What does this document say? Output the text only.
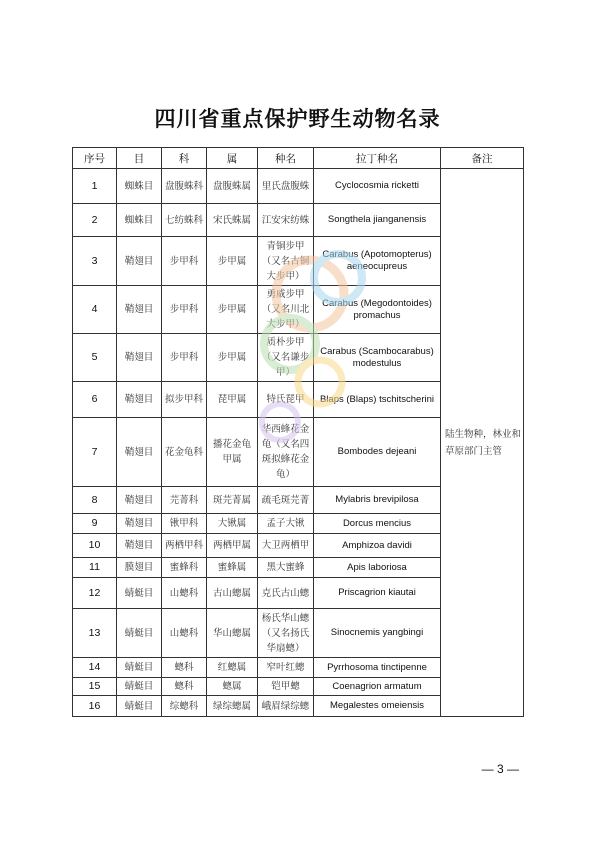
四川省重点保护野生动物名录
序号	目	科	属	种名	拉丁种名	备注
1	蜘蛛目	盘腹蛛科	盘腹蛛属	里氏盘腹蛛	Cyclocosmia ricketti	陆生物种，林业和草原部门主管
2	蜘蛛目	七纺蛛科	宋氏蛛属	江安宋纺蛛	Songthela jianganensis	
3	鞘翅目	步甲科	步甲属	青铜步甲（又名古铜大步甲）	Carabus (Apotomopterus) aeneocupreus	
4	鞘翅目	步甲科	步甲属	勇威步甲（又名川北大步甲）	Carabus (Megodontoides) promachus	
5	鞘翅目	步甲科	步甲属	质朴步甲（又名谦步甲）	Carabus (Scambocarabus) modestulus	
6	鞘翅目	拟步甲科	琵甲属	特氏琵甲	Blaps (Blaps) tschitscherini	
7	鞘翅目	花金龟科	播花金龟甲属	华西蜂花金龟（又名四斑拟蜂花金龟）	Bombodes dejeani	
8	鞘翅目	芫菁科	斑芫菁属	疏毛斑芫菁	Mylabris brevipilosa	
9	鞘翅目	锹甲科	大锹属	孟子大锹	Dorcus mencius	
10	鞘翅目	两栖甲科	两栖甲属	大卫两栖甲	Amphizoa davidi	
11	膜翅目	蜜蜂科	蜜蜂属	黑大蜜蜂	Apis laboriosa	
12	蜻蜓目	山蟌科	古山蟌属	克氏古山蟌	Priscagrion kiautai	
13	蜻蜓目	山蟌科	华山蟌属	杨氏华山蟌（又名扬氏华扇蟌）	Sinocnemis yangbingi	
14	蜻蜓目	蟌科	红蟌属	窄叶红蟌	Pyrrhosoma tinctipenne	
15	蜻蜓目	蟌科	蟌属	铠甲蟌	Coenagrion armatum	
16	蜻蜓目	综蟌科	绿综蟌属	峨眉绿综蟌	Megalestes omeiensis	
— 3 —
